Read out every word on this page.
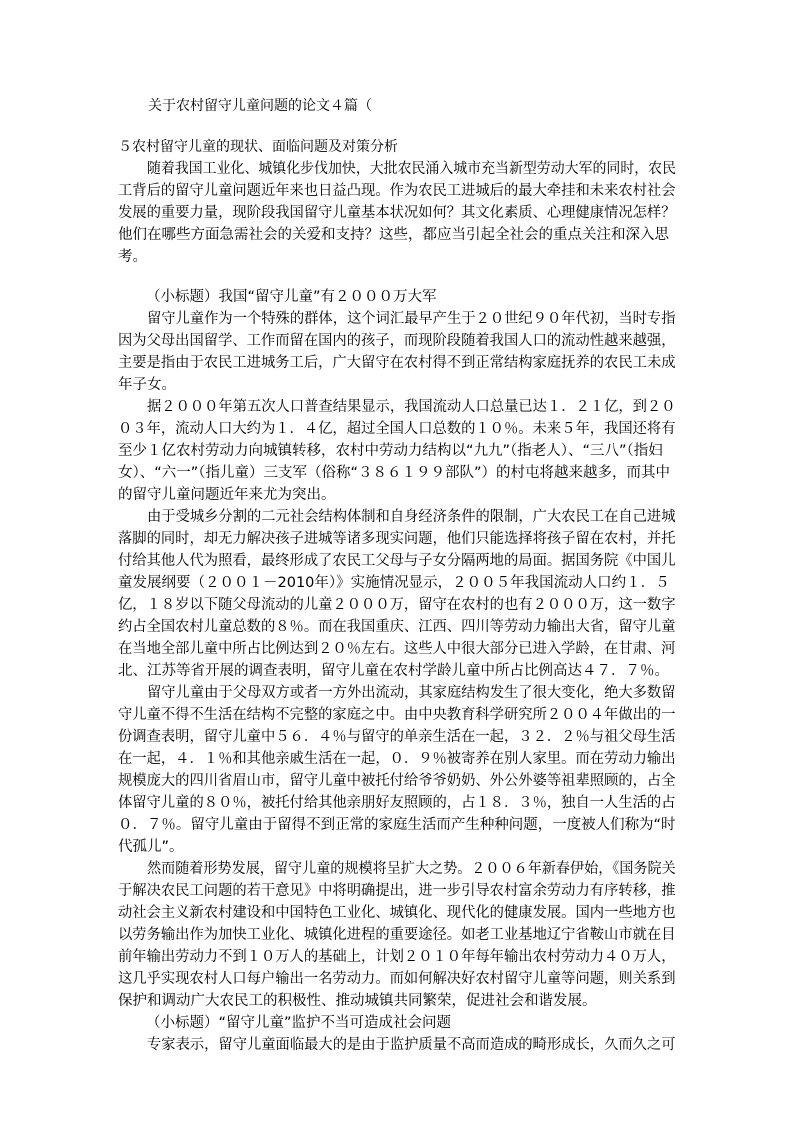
关于农村留守儿童问题的论文４篇（
５农村留守儿童的现状、面临问题及对策分析
随着我国工业化、城镇化步伐加快，大批农民涌入城市充当新型劳动大军的同时，农民
工背后的留守儿童问题近年来也日益凸现。作为农民工进城后的最大牵挂和未来农村社会
发展的重要力量，现阶段我国留守儿童基本状况如何？其文化素质、心理健康情况怎样？
他们在哪些方面急需社会的关爱和支持？这些，都应当引起全社会的重点关注和深入思
考。
（小标题）我国“留守儿童”有２０００万大军
留守儿童作为一个特殊的群体，这个词汇最早产生于２０世纪９０年代初，当时专指
因为父母出国留学、工作而留在国内的孩子，而现阶段随着我国人口的流动性越来越强，
主要是指由于农民工进城务工后，广大留守在农村得不到正常结构家庭抚养的农民工未成
年子女。
据２０００年第五次人口普查结果显示，我国流动人口总量已达１．２１亿，到２０
０３年，流动人口大约为１．４亿，超过全国人口总数的１０％。未来５年，我国还将有
至少１亿农村劳动力向城镇转移，农村中劳动力结构以“九九”（指老人）、“三八”（指妇
女）、“六一”（指儿童）三支军（俗称“３８６１９９部队”）的村屯将越来越多，而其中
的留守儿童问题近年来尤为突出。
由于受城乡分割的二元社会结构体制和自身经济条件的限制，广大农民工在自己进城
落脚的同时，却无力解决孩子进城等诸多现实问题，他们只能选择将孩子留在农村，并托
付给其他人代为照看，最终形成了农民工父母与子女分隔两地的局面。据国务院《中国儿
童发展纲要（２００１－2010年）》实施情况显示，２００５年我国流动人口约１．５
亿，１８岁以下随父母流动的儿童２０００万，留守在农村的也有２０００万，这一数字
约占全国农村儿童总数的８％。而在我国重庆、江西、四川等劳动力输出大省，留守儿童
在当地全部儿童中所占比例达到２０％左右。这些人中很大部分已进入学龄，在甘肃、河
北、江苏等省开展的调查表明，留守儿童在农村学龄儿童中所占比例高达４７．７％。
留守儿童由于父母双方或者一方外出流动，其家庭结构发生了很大变化，绝大多数留
守儿童不得不生活在结构不完整的家庭之中。由中央教育科学研究所２００４年做出的一
份调查表明，留守儿童中５６．４％与留守的单亲生活在一起，３２．２％与祖父母生活
在一起，４．１％和其他亲戚生活在一起，０．９％被寄养在别人家里。而在劳动力输出
规模庞大的四川省眉山市，留守儿童中被托付给爷爷奶奶、外公外婆等祖辈照顾的，占全
体留守儿童的８０％，被托付给其他亲朋好友照顾的，占１８．３％，独自一人生活的占
０．７％。留守儿童由于留得不到正常的家庭生活而产生种种问题，一度被人们称为“时
代孤儿”。
然而随着形势发展，留守儿童的规模将呈扩大之势。２００６年新春伊始，《国务院关
于解决农民工问题的若干意见》中将明确提出，进一步引导农村富余劳动力有序转移，推
动社会主义新农村建设和中国特色工业化、城镇化、现代化的健康发展。国内一些地方也
以劳务输出作为加快工业化、城镇化进程的重要途径。如老工业基地辽宁省鞍山市就在目
前年输出劳动力不到１０万人的基础上，计划２０１０年每年输出农村劳动力４０万人，
这几乎实现农村人口每户输出一名劳动力。而如何解决好农村留守儿童等问题，则关系到
保护和调动广大农民工的积极性、推动城镇共同繁荣，促进社会和谐发展。
（小标题）“留守儿童”监护不当可造成社会问题
专家表示，留守儿童面临最大的是由于监护质量不高而造成的畸形成长，久而久之可
